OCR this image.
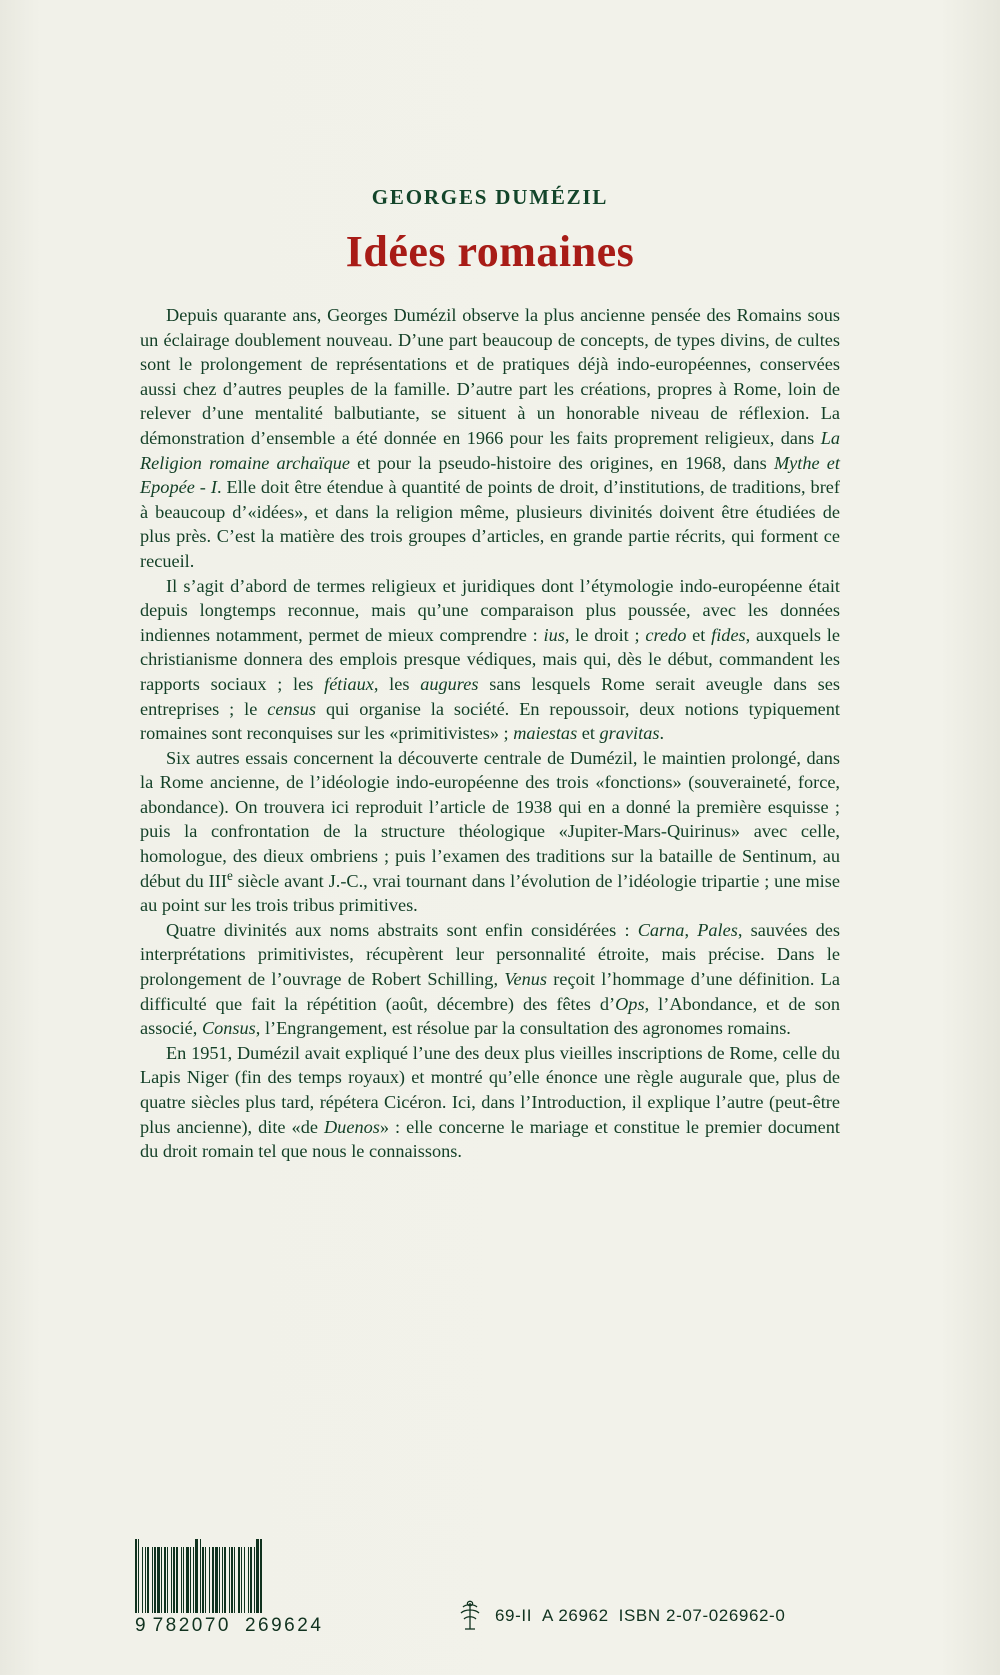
GEORGES DUMÉZIL
Idées romaines

Depuis quarante ans, Georges Dumézil observe la plus ancienne pensée des Romains sous un éclairage doublement nouveau. D’une part beaucoup de concepts, de types divins, de cultes sont le prolongement de représentations et de pratiques déjà indo-européennes, conservées aussi chez d’autres peuples de la famille. D’autre part les créations, propres à Rome, loin de relever d’une mentalité balbutiante, se situent à un honorable niveau de réflexion. La démonstration d’ensemble a été donnée en 1966 pour les faits proprement religieux, dans La Religion romaine archaïque et pour la pseudo-histoire des origines, en 1968, dans Mythe et Epopée - I. Elle doit être étendue à quantité de points de droit, d’institutions, de traditions, bref à beaucoup d’«idées», et dans la religion même, plusieurs divinités doivent être étudiées de plus près. C’est la matière des trois groupes d’articles, en grande partie récrits, qui forment ce recueil.

Il s’agit d’abord de termes religieux et juridiques dont l’étymologie indo-européenne était depuis longtemps reconnue, mais qu’une comparaison plus poussée, avec les données indiennes notamment, permet de mieux comprendre : ius, le droit ; credo et fides, auxquels le christianisme donnera des emplois presque védiques, mais qui, dès le début, commandent les rapports sociaux ; les fétiaux, les augures sans lesquels Rome serait aveugle dans ses entreprises ; le census qui organise la société. En repoussoir, deux notions typiquement romaines sont reconquises sur les «primitivistes» ; maiestas et gravitas.

Six autres essais concernent la découverte centrale de Dumézil, le maintien prolongé, dans la Rome ancienne, de l’idéologie indo-européenne des trois «fonctions» (souveraineté, force, abondance). On trouvera ici reproduit l’article de 1938 qui en a donné la première esquisse ; puis la confrontation de la structure théologique «Jupiter-Mars-Quirinus» avec celle, homologue, des dieux ombriens ; puis l’examen des traditions sur la bataille de Sentinum, au début du IIIe siècle avant J.-C., vrai tournant dans l’évolution de l’idéologie tripartie ; une mise au point sur les trois tribus primitives.

Quatre divinités aux noms abstraits sont enfin considérées : Carna, Pales, sauvées des interprétations primitivistes, récupèrent leur personnalité étroite, mais précise. Dans le prolongement de l’ouvrage de Robert Schilling, Venus reçoit l’hommage d’une définition. La difficulté que fait la répétition (août, décembre) des fêtes d’Ops, l’Abondance, et de son associé, Consus, l’Engrangement, est résolue par la consultation des agronomes romains.

En 1951, Dumézil avait expliqué l’une des deux plus vieilles inscriptions de Rome, celle du Lapis Niger (fin des temps royaux) et montré qu’elle énonce une règle augurale que, plus de quatre siècles plus tard, répétera Cicéron. Ici, dans l’Introduction, il explique l’autre (peut-être plus ancienne), dite «de Duenos» : elle concerne le mariage et constitue le premier document du droit romain tel que nous le connaissons.

9 782070 269624	69-II A 26962 ISBN 2-07-026962-0
